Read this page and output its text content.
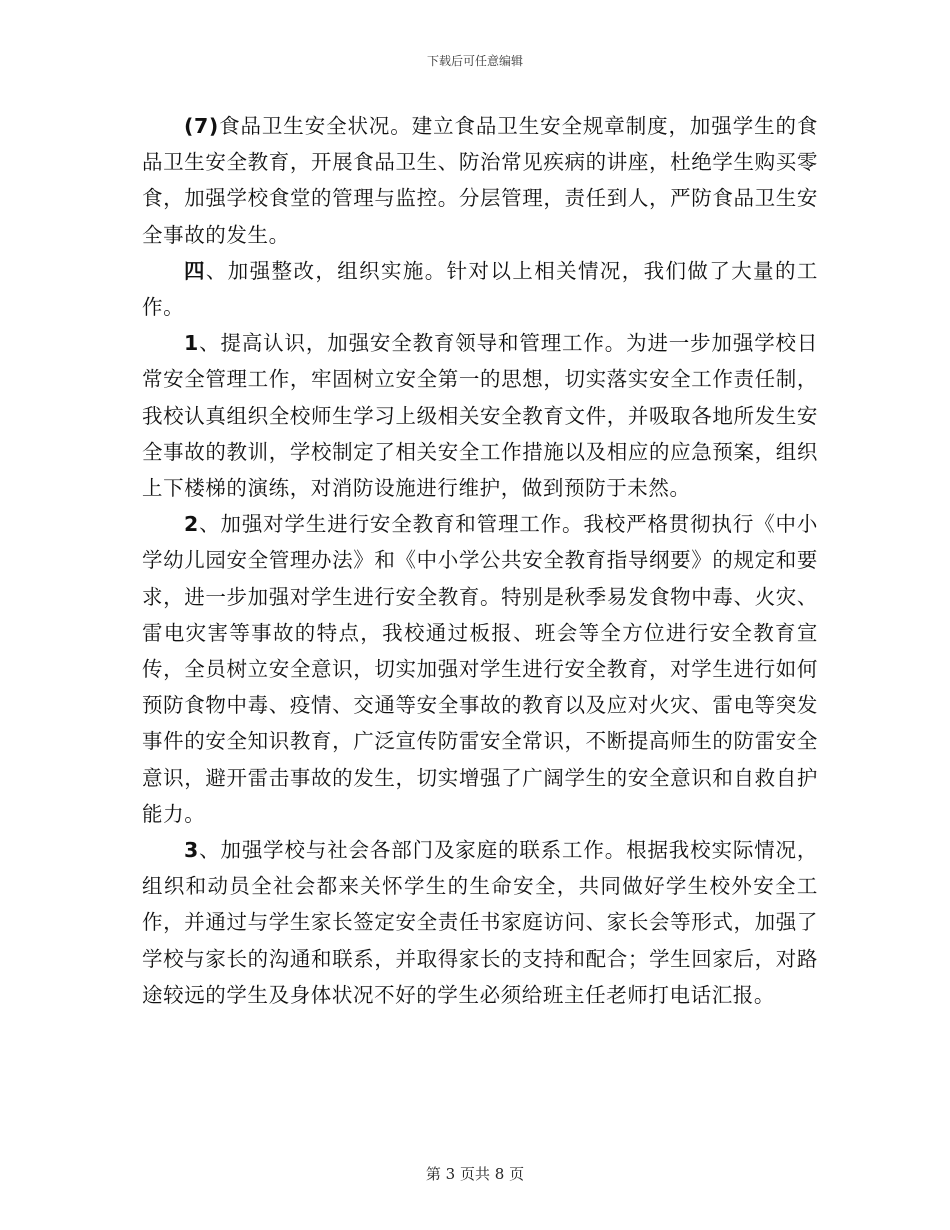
下载后可任意编辑

(7)食品卫生安全状况。建立食品卫生安全规章制度，加强学生的食品卫生安全教育，开展食品卫生、防治常见疾病的讲座，杜绝学生购买零食，加强学校食堂的管理与监控。分层管理，责任到人，严防食品卫生安全事故的发生。

四、加强整改，组织实施。针对以上相关情况，我们做了大量的工作。

1、提高认识，加强安全教育领导和管理工作。为进一步加强学校日常安全管理工作，牢固树立安全第一的思想，切实落实安全工作责任制，我校认真组织全校师生学习上级相关安全教育文件，并吸取各地所发生安全事故的教训，学校制定了相关安全工作措施以及相应的应急预案，组织上下楼梯的演练，对消防设施进行维护，做到预防于未然。

2、加强对学生进行安全教育和管理工作。我校严格贯彻执行《中小学幼儿园安全管理办法》和《中小学公共安全教育指导纲要》的规定和要求，进一步加强对学生进行安全教育。特别是秋季易发食物中毒、火灾、雷电灾害等事故的特点，我校通过板报、班会等全方位进行安全教育宣传，全员树立安全意识，切实加强对学生进行安全教育，对学生进行如何预防食物中毒、疫情、交通等安全事故的教育以及应对火灾、雷电等突发事件的安全知识教育，广泛宣传防雷安全常识，不断提高师生的防雷安全意识，避开雷击事故的发生，切实增强了广阔学生的安全意识和自救自护能力。

3、加强学校与社会各部门及家庭的联系工作。根据我校实际情况，组织和动员全社会都来关怀学生的生命安全，共同做好学生校外安全工作，并通过与学生家长签定安全责任书家庭访问、家长会等形式，加强了学校与家长的沟通和联系，并取得家长的支持和配合；学生回家后，对路途较远的学生及身体状况不好的学生必须给班主任老师打电话汇报。

第 3 页共 8 页
